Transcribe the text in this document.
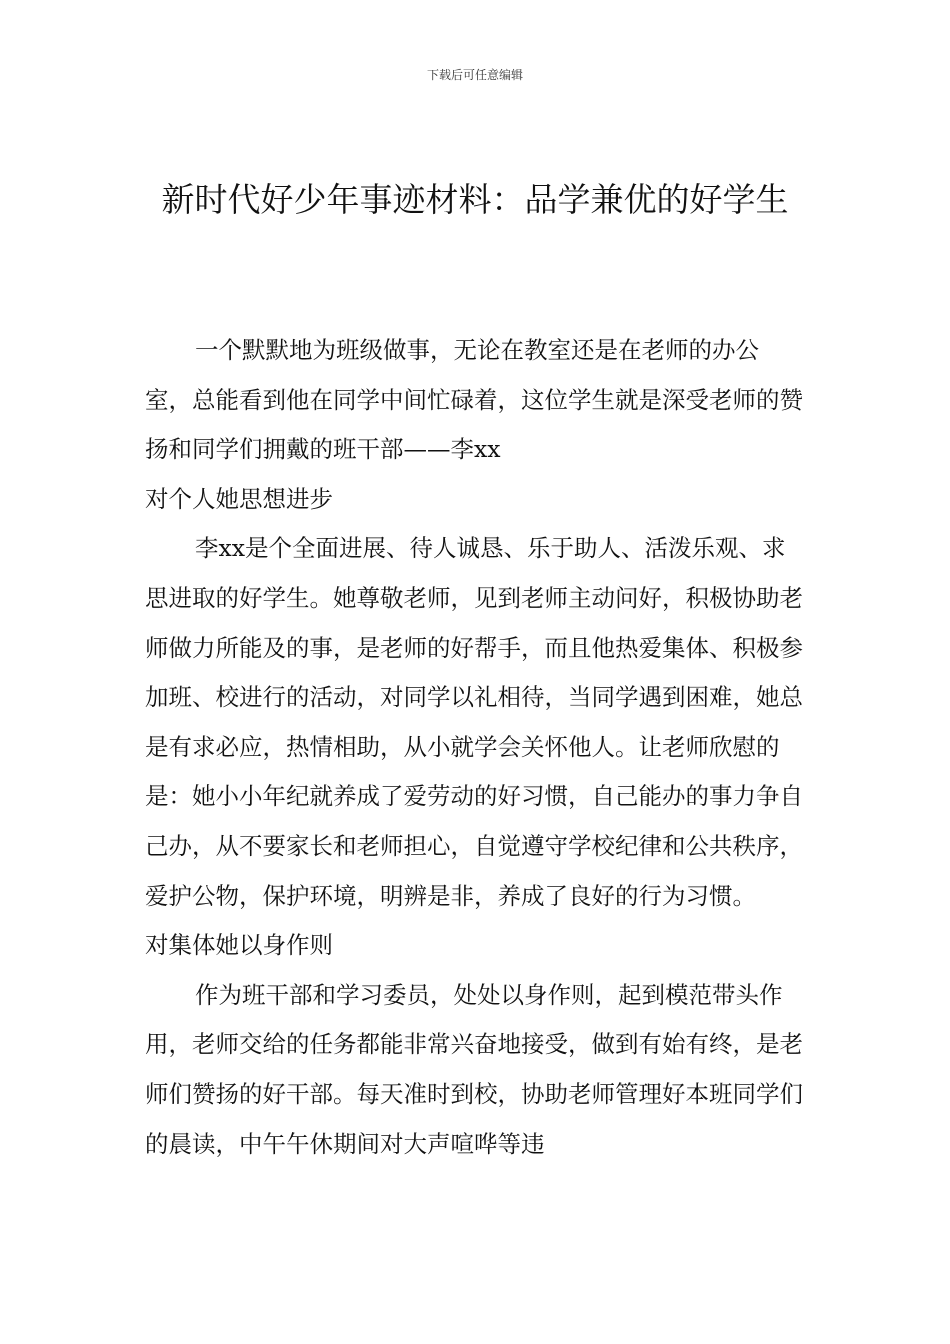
下载后可任意编辑
新时代好少年事迹材料：品学兼优的好学生

一个默默地为班级做事，无论在教室还是在老师的办公室，总能看到他在同学中间忙碌着，这位学生就是深受老师的赞扬和同学们拥戴的班干部——李xx

对个人她思想进步

李xx是个全面进展、待人诚恳、乐于助人、活泼乐观、求思进取的好学生。她尊敬老师，见到老师主动问好，积极协助老师做力所能及的事，是老师的好帮手，而且他热爱集体、积极参加班、校进行的活动，对同学以礼相待，当同学遇到困难，她总是有求必应，热情相助，从小就学会关怀他人。让老师欣慰的是：她小小年纪就养成了爱劳动的好习惯，自己能办的事力争自己办，从不要家长和老师担心，自觉遵守学校纪律和公共秩序，爱护公物，保护环境，明辨是非，养成了良好的行为习惯。

对集体她以身作则

作为班干部和学习委员，处处以身作则，起到模范带头作用，老师交给的任务都能非常兴奋地接受，做到有始有终，是老师们赞扬的好干部。每天准时到校，协助老师管理好本班同学们的晨读，中午午休期间对大声喧哗等违
